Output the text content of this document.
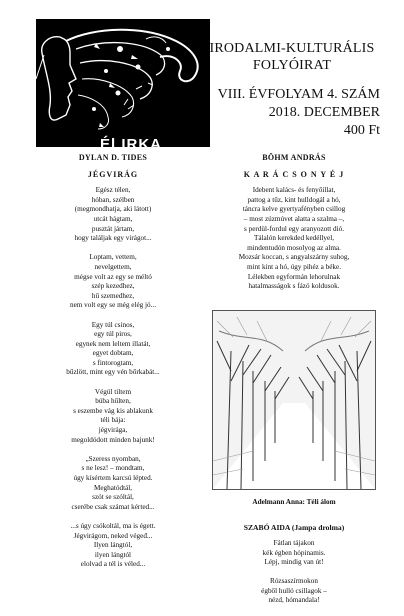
Él IRKA
IRODALMI-KULTURÁLIS
FOLYÓIRAT
VIII. ÉVFOLYAM 4. SZÁM
2018. DECEMBER
400 Ft
DYLAN D. TIDES
JÉGVIRÁG
Egész télen,
hóban, szélben
(megmondhatja, aki látott)
utcát hágtam,
pusztát jártam,
hogy találjak egy virágot...
Loptam, vettem,
nevelgettem,
mégse volt az egy se méltó
szép kezedhez,
hű szemedhez,
nem volt egy se még elég jó...
Egy túl csinos,
egy túl piros,
egynek nem leltem illatát,
egyet dobtam,
s fintorogtam,
bűzlött, mint egy vén bőrkabát...
Végül tiltem
búba hűlten,
s eszembe vág kis ablakunk
téli bája:
jégvirága,
megoldódott minden bajunk!
„Szeress nyomban,
s ne lesz! – mondtam,
úgy kísértem karcsú lépted.
Meghatódtál,
szót se szóltál,
cserébe csak számat kérted...
...s úgy csókoltál, ma is égett.
Jégvirágom, neked végeđ...
Ilyen lángtól,
ilyen lángtól
elolvad a tél is véled...
BÖHM ANDRÁS
K A R Á C S O N Y É J
Idebent kalács- és fenyőillat,
pattog a tűz, kint hulldogál a hó,
táncra kelve gyertyafényben csillog
– most zúzmúvet alatta a szalma –,
s perdül-fordul egy aranyozott dió.
Tálalón kerekded kedéllyel,
mindentudón mosolyog az alma.
Mozsár koccan, s angyalszárny suhog,
mint kint a hó, úgy pihéz a béke.
Lélekben egyformán lehorulnak
hatalmasságok s fázó koldusok.
Adelmann Anna: Téli álom
SZABÓ AIDA (Jampa drolma)
Fátlan tájakon
kék égben hópinamis.
Lépj, mindig van út!
Rózsaszírmokon
égből hulló csillagok –
nézd, hómandala!
